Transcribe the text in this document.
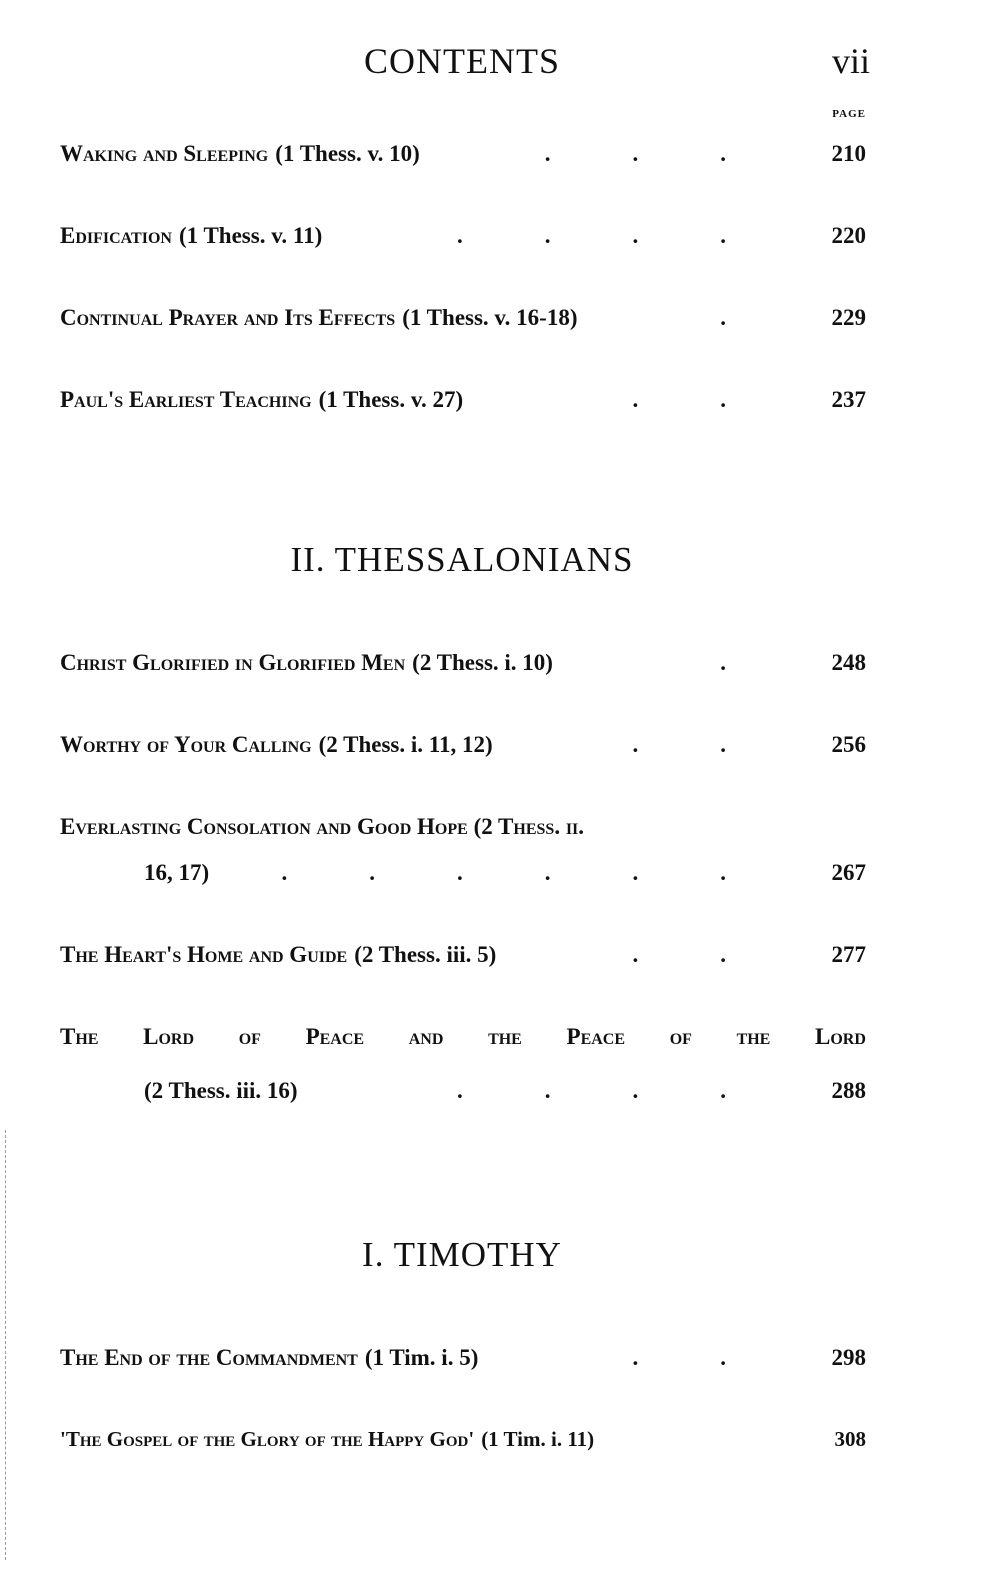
CONTENTS	vii
PAGE
Waking and Sleeping (1 Thess. v. 10)	...	210
Edification (1 Thess. v. 11)	....	220
Continual Prayer and Its Effects (1 Thess. v. 16-18)	.	229
Paul's Earliest Teaching (1 Thess. v. 27)	..	237
II. THESSALONIANS
Christ Glorified in Glorified Men (2 Thess. i. 10)	.	248
Worthy of Your Calling (2 Thess. i. 11, 12)	..	256
Everlasting Consolation and Good Hope (2 Thess. ii.
16, 17)	......	267
The Heart's Home and Guide (2 Thess. iii. 5)	..	277
The Lord of Peace and the Peace of the Lord
(2 Thess. iii. 16)	....	288
I. TIMOTHY
The End of the Commandment (1 Tim. i. 5)	..	298
'The Gospel of the Glory of the Happy God' (1 Tim. i. 11)	308
